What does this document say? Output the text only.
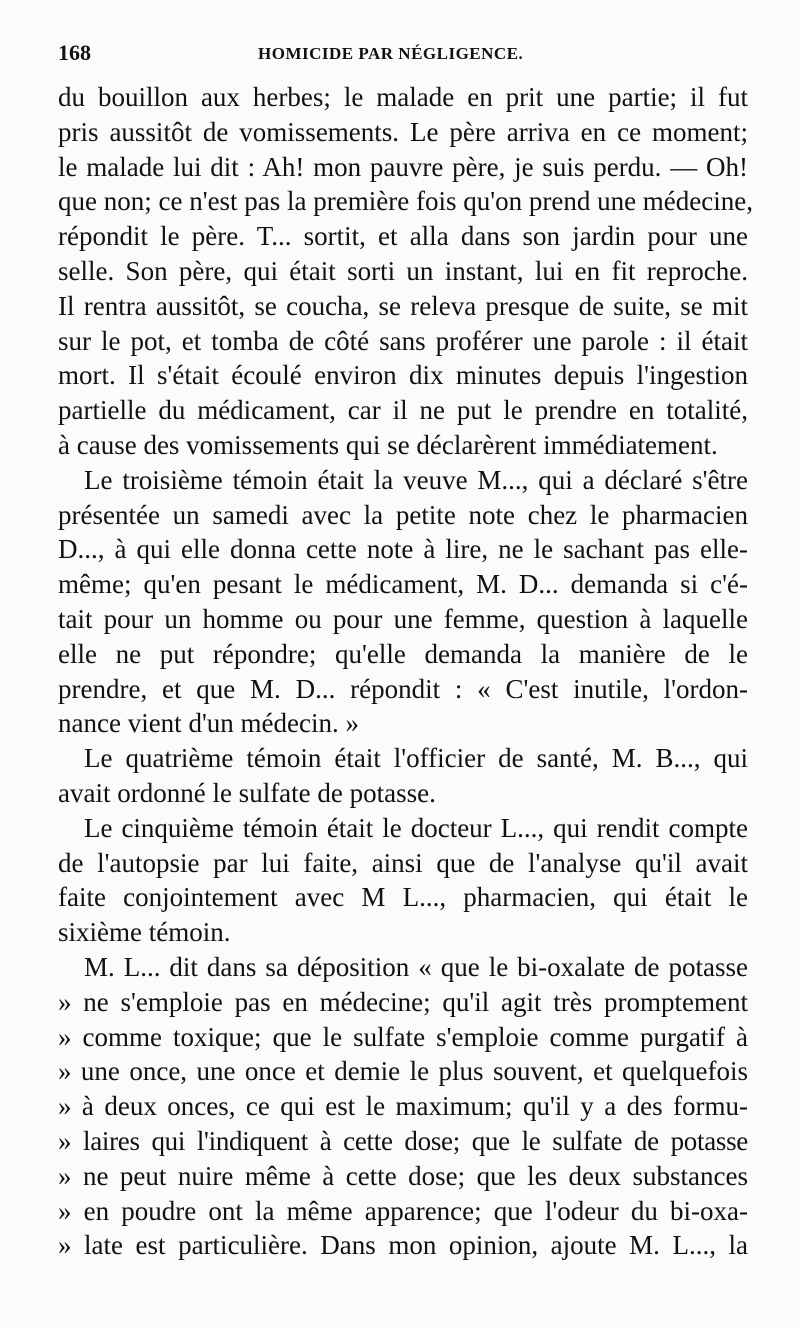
168	HOMICIDE PAR NÉGLIGENCE.
du bouillon aux herbes; le malade en prit une partie; il fut
pris aussitôt de vomissements. Le père arriva en ce moment;
le malade lui dit : Ah! mon pauvre père, je suis perdu. — Oh!
que non; ce n'est pas la première fois qu'on prend une médecine,
répondit le père. T... sortit, et alla dans son jardin pour une
selle. Son père, qui était sorti un instant, lui en fit reproche.
Il rentra aussitôt, se coucha, se releva presque de suite, se mit
sur le pot, et tomba de côté sans proférer une parole : il était
mort. Il s'était écoulé environ dix minutes depuis l'ingestion
partielle du médicament, car il ne put le prendre en totalité,
à cause des vomissements qui se déclarèrent immédiatement.
Le troisième témoin était la veuve M..., qui a déclaré s'être
présentée un samedi avec la petite note chez le pharmacien
D..., à qui elle donna cette note à lire, ne le sachant pas elle-
même; qu'en pesant le médicament, M. D... demanda si c'é-
tait pour un homme ou pour une femme, question à laquelle
elle ne put répondre; qu'elle demanda la manière de le
prendre, et que M. D... répondit : « C'est inutile, l'ordon-
nance vient d'un médecin. »
Le quatrième témoin était l'officier de santé, M. B..., qui
avait ordonné le sulfate de potasse.
Le cinquième témoin était le docteur L..., qui rendit compte
de l'autopsie par lui faite, ainsi que de l'analyse qu'il avait
faite conjointement avec M L..., pharmacien, qui était le
sixième témoin.
M. L... dit dans sa déposition « que le bi-oxalate de potasse
» ne s'emploie pas en médecine; qu'il agit très promptement
» comme toxique; que le sulfate s'emploie comme purgatif à
» une once, une once et demie le plus souvent, et quelquefois
» à deux onces, ce qui est le maximum; qu'il y a des formu-
» laires qui l'indiquent à cette dose; que le sulfate de potasse
» ne peut nuire même à cette dose; que les deux substances
» en poudre ont la même apparence; que l'odeur du bi-oxa-
» late est particulière. Dans mon opinion, ajoute M. L..., la
